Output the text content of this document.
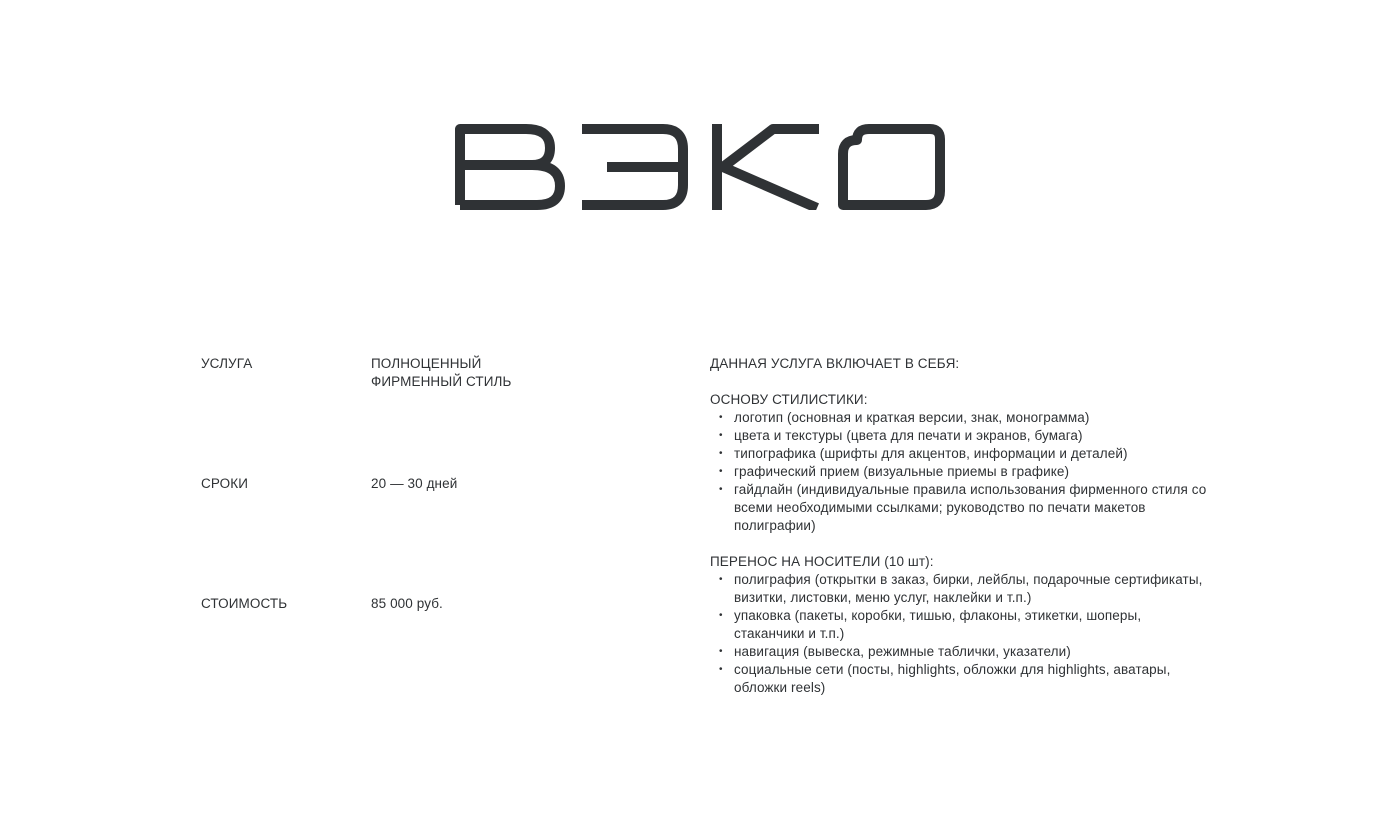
УСЛУГА	ПОЛНОЦЕННЫЙ
ФИРМЕННЫЙ СТИЛЬ
СРОКИ	20 — 30 дней
СТОИМОСТЬ	85 000 руб.
ДАННАЯ УСЛУГА ВКЛЮЧАЕТ В СЕБЯ:
ОСНОВУ СТИЛИСТИКИ:
• логотип (основная и краткая версии, знак, монограмма)
• цвета и текстуры (цвета для печати и экранов, бумага)
• типографика (шрифты для акцентов, информации и деталей)
• графический прием (визуальные приемы в графике)
• гайдлайн (индивидуальные правила использования фирменного стиля со всеми необходимыми ссылками; руководство по печати макетов полиграфии)
ПЕРЕНОС НА НОСИТЕЛИ (10 шт):
• полиграфия (открытки в заказ, бирки, лейблы, подарочные сертификаты, визитки, листовки, меню услуг, наклейки и т.п.)
• упаковка (пакеты, коробки, тишью, флаконы, этикетки, шоперы, стаканчики и т.п.)
• навигация (вывеска, режимные таблички, указатели)
• социальные сети (посты, highlights, обложки для highlights, аватары, обложки reels)
